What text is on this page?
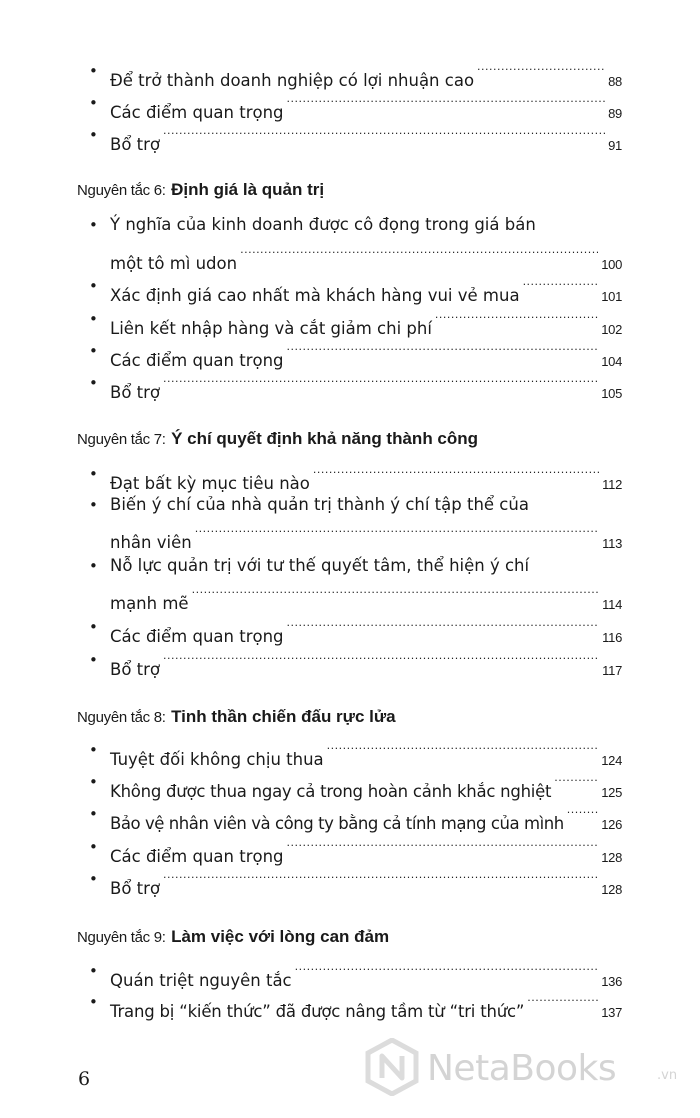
• Để trở thành doanh nghiệp có lợi nhuận cao .....	88
• Các điểm quan trọng .....	89
• Bổ trợ .....	91
Nguyên tắc 6: Định giá là quản trị
• Ý nghĩa của kinh doanh được cô đọng trong giá bán
một tô mì udon .....	100
• Xác định giá cao nhất mà khách hàng vui vẻ mua .....	101
• Liên kết nhập hàng và cắt giảm chi phí .....	102
• Các điểm quan trọng .....	104
• Bổ trợ .....	105
Nguyên tắc 7: Ý chí quyết định khả năng thành công
• Đạt bất kỳ mục tiêu nào .....	112
• Biến ý chí của nhà quản trị thành ý chí tập thể của
nhân viên .....	113
• Nỗ lực quản trị với tư thế quyết tâm, thể hiện ý chí
mạnh mẽ .....	114
• Các điểm quan trọng .....	116
• Bổ trợ .....	117
Nguyên tắc 8: Tinh thần chiến đấu rực lửa
• Tuyệt đối không chịu thua .....	124
• Không được thua ngay cả trong hoàn cảnh khắc nghiệt .....	125
• Bảo vệ nhân viên và công ty bằng cả tính mạng của mình .....	126
• Các điểm quan trọng .....	128
• Bổ trợ .....	128
Nguyên tắc 9: Làm việc với lòng can đảm
• Quán triệt nguyên tắc .....	136
• Trang bị “kiến thức” đã được nâng tầm từ “tri thức” .....	137
6	NetaBooks	.vn
